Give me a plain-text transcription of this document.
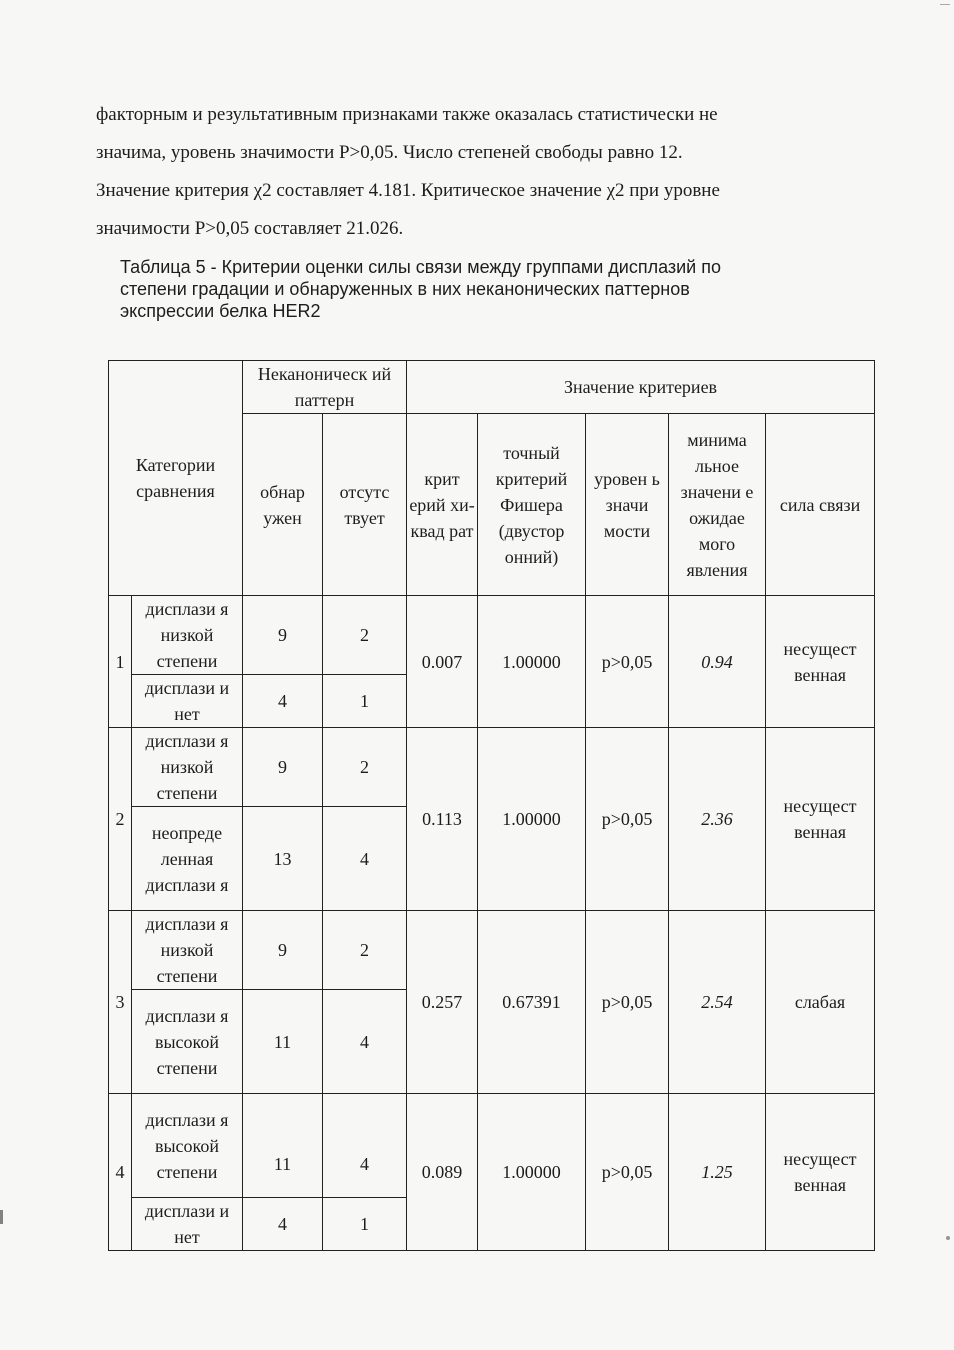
факторным и результативным признаками также оказалась статистически не

значима, уровень значимости P>0,05. Число степеней свободы равно 12.

Значение критерия χ2 составляет 4.181. Критическое значение χ2 при уровне

значимости P>0,05 составляет 21.026.

Таблица 5 - Критерии оценки силы связи между группами дисплазий по

степени градации и обнаруженных в них неканонических паттернов

экспрессии белка HER2

Категории сравнения		Неканоническ ий паттерн		Значение критериев				
		обнар ужен	отсутс твует	крит ерий хи-квад рат	точный критерий Фишера (двустор онний)	уровен ь значи мости	минима льное значени е ожидае мого явления	сила связи
1	дисплази я низкой степени	9	2	0.007	1.00000	p>0,05	0.94	несущест венная
	дисплази и нет	4	1					
2	дисплази я низкой степени	9	2	0.113	1.00000	p>0,05	2.36	несущест венная
	неопреде ленная дисплази я	13	4					
3	дисплази я низкой степени	9	2	0.257	0.67391	p>0,05	2.54	слабая
	дисплази я высокой степени	11	4					
4	дисплази я высокой степени	11	4	0.089	1.00000	p>0,05	1.25	несущест венная
	дисплази и нет	4	1					
